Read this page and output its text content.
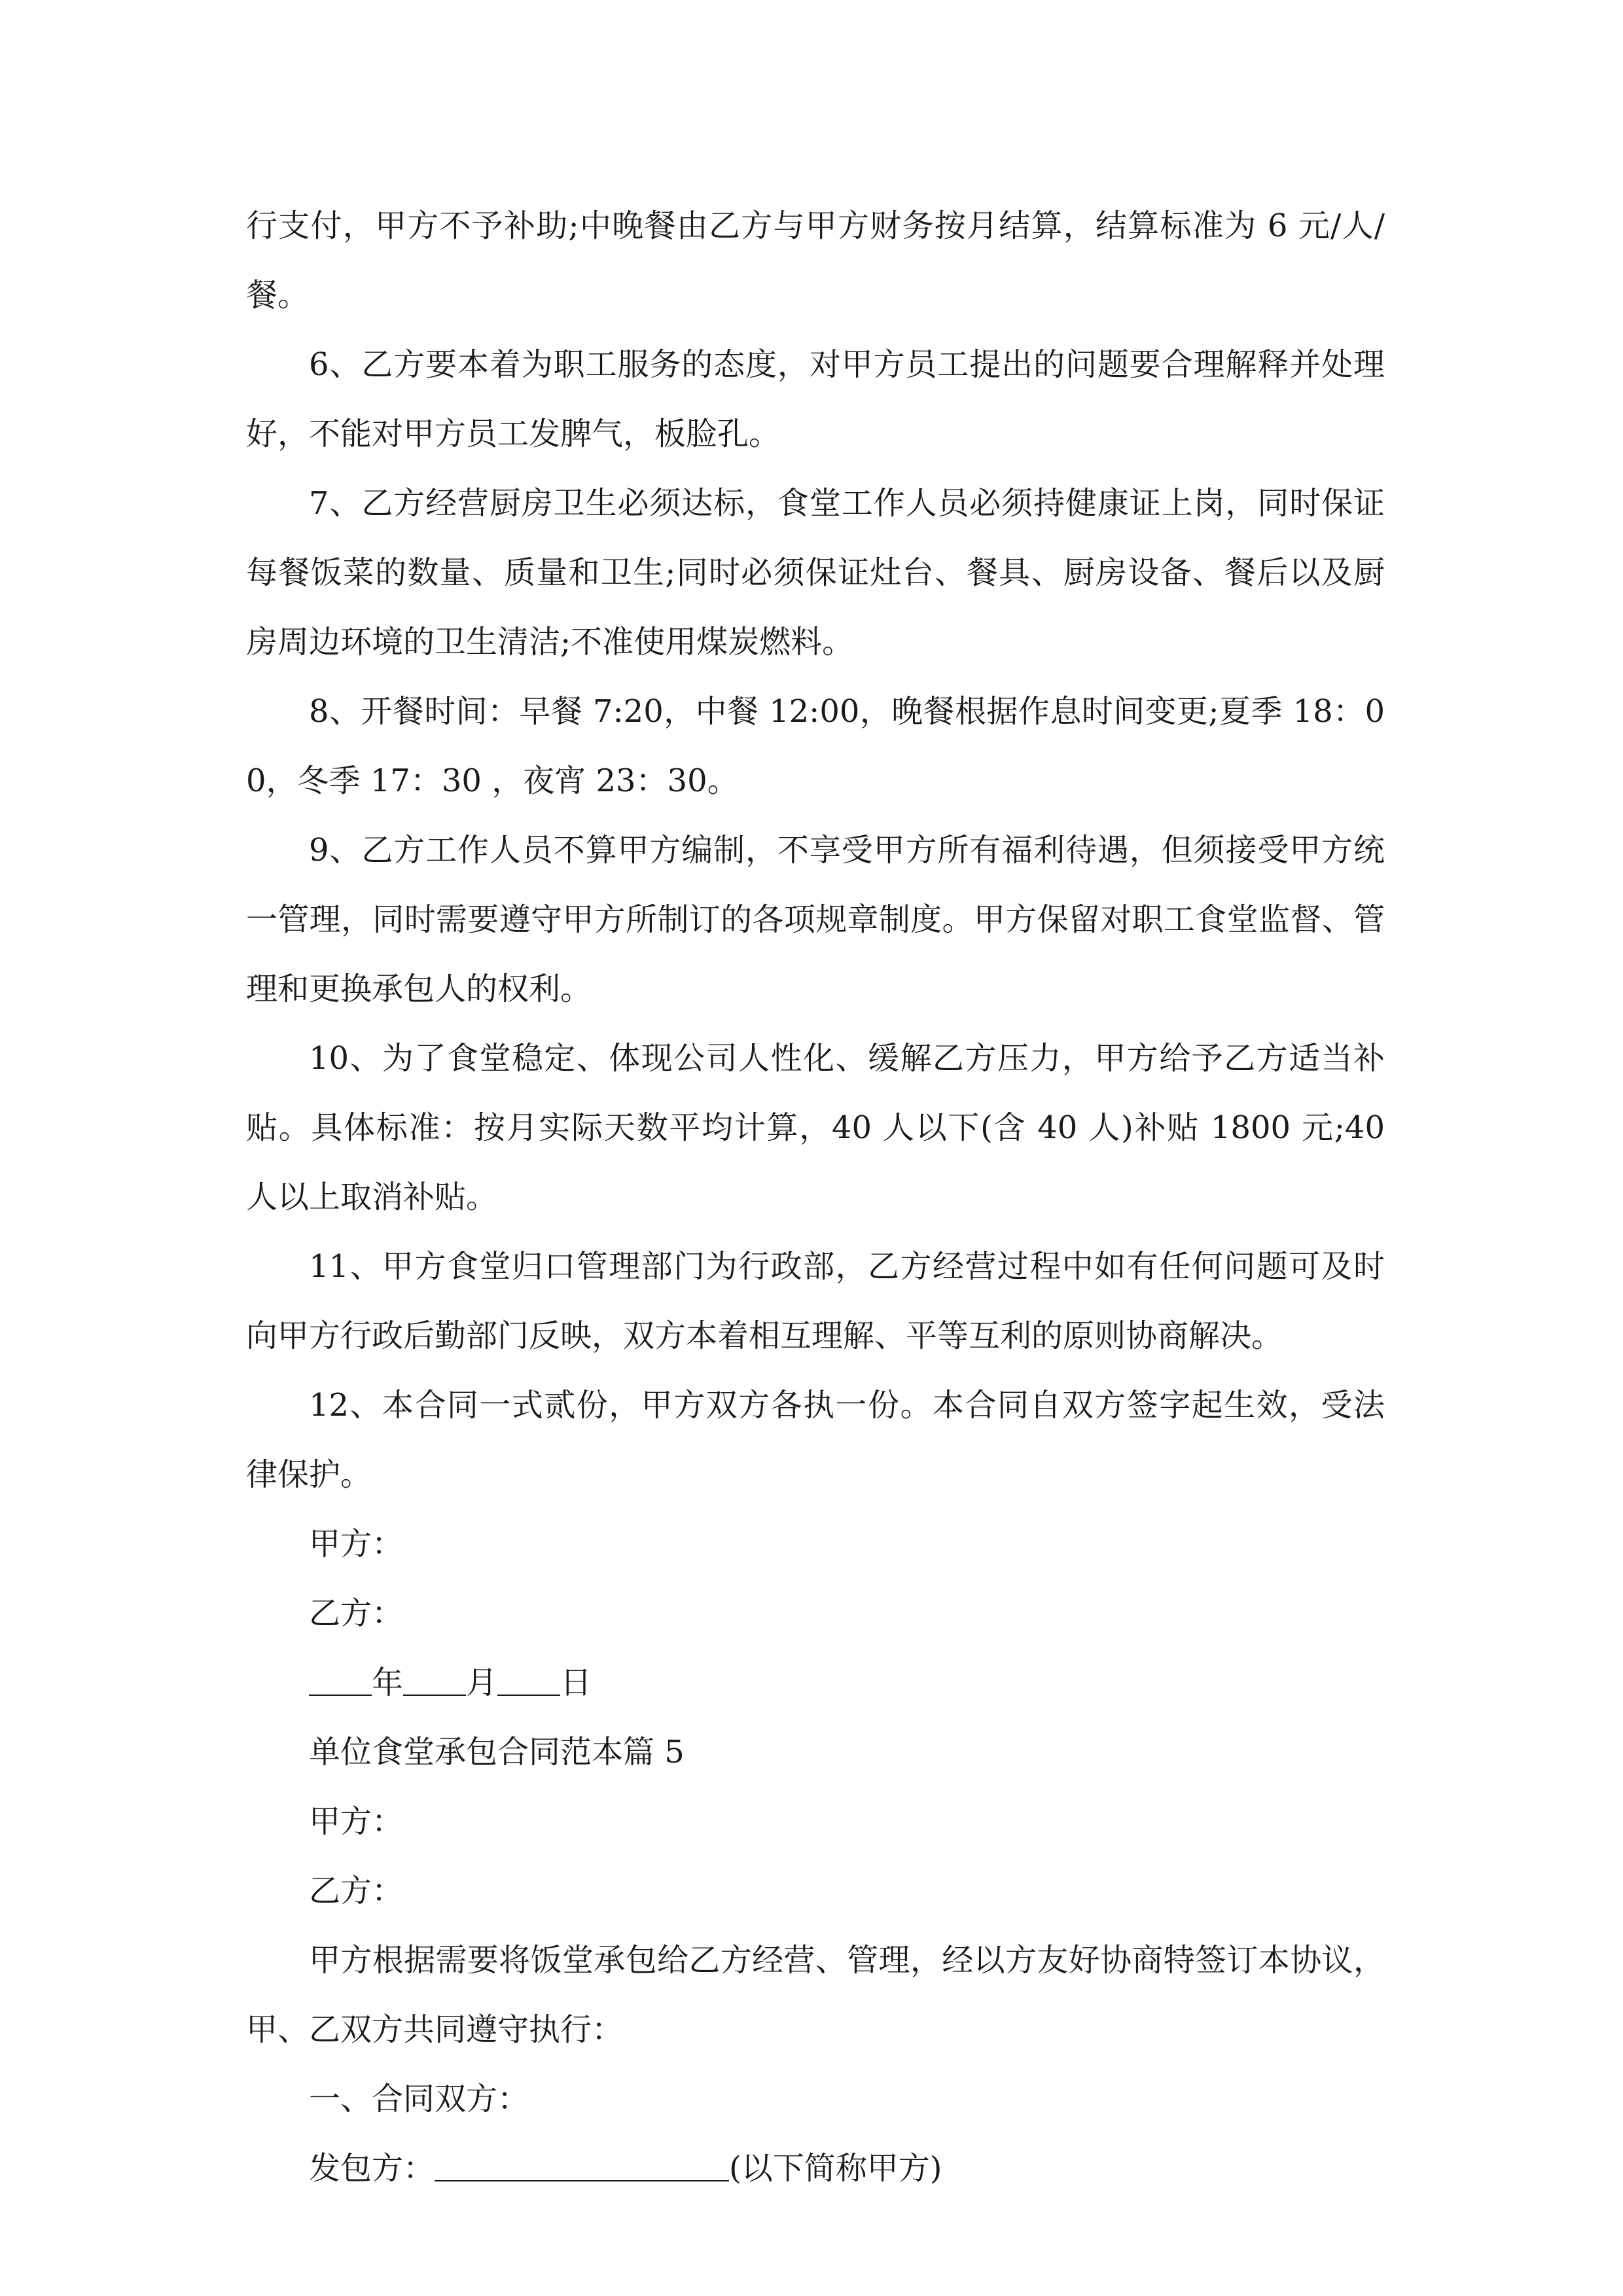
行支付，甲方不予补助;中晚餐由乙方与甲方财务按月结算，结算标准为 6 元/人/餐。

6、乙方要本着为职工服务的态度，对甲方员工提出的问题要合理解释并处理好，不能对甲方员工发脾气，板脸孔。

7、乙方经营厨房卫生必须达标，食堂工作人员必须持健康证上岗，同时保证每餐饭菜的数量、质量和卫生;同时必须保证灶台、餐具、厨房设备、餐后以及厨房周边环境的卫生清洁;不准使用煤炭燃料。

8、开餐时间：早餐 7:20，中餐 12:00，晚餐根据作息时间变更;夏季 18：00，冬季 17：30 ，夜宵 23：30。

9、乙方工作人员不算甲方编制，不享受甲方所有福利待遇，但须接受甲方统一管理，同时需要遵守甲方所制订的各项规章制度。甲方保留对职工食堂监督、管理和更换承包人的权利。

10、为了食堂稳定、体现公司人性化、缓解乙方压力，甲方给予乙方适当补贴。具体标准：按月实际天数平均计算，40 人以下(含 40 人)补贴 1800 元;40 人以上取消补贴。

11、甲方食堂归口管理部门为行政部，乙方经营过程中如有任何问题可及时向甲方行政后勤部门反映，双方本着相互理解、平等互利的原则协商解决。

12、本合同一式贰份，甲方双方各执一份。本合同自双方签字起生效，受法律保护。

甲方：

乙方：

年 月 日

单位食堂承包合同范本篇 5

甲方：

乙方：

甲方根据需要将饭堂承包给乙方经营、管理，经以方友好协商特签订本协议，甲、乙双方共同遵守执行：

一、合同双方：

发包方：	(以下简称甲方)
